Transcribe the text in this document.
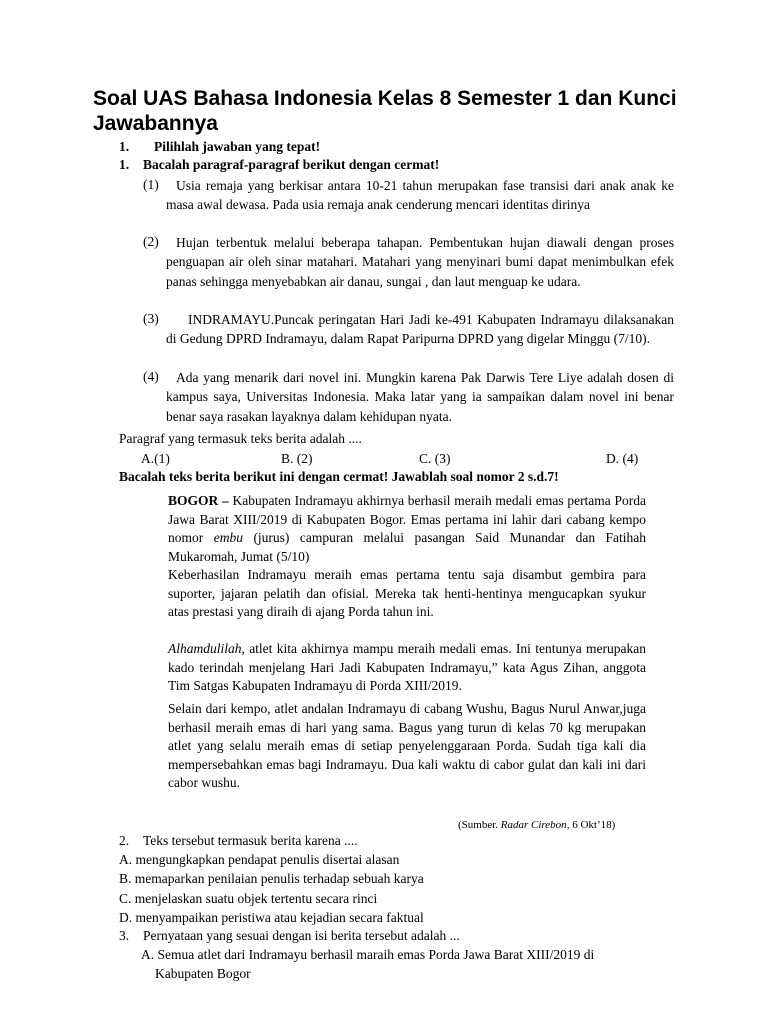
Soal UAS Bahasa Indonesia Kelas 8 Semester 1 dan Kunci Jawabannya
1. Pilihlah jawaban yang tepat!
1. Bacalah paragraf-paragraf berikut dengan cermat!
(1)	Usia remaja yang berkisar antara 10-21 tahun merupakan fase transisi dari anak anak ke masa awal dewasa. Pada usia remaja anak cenderung mencari identitas dirinya

(2)	Hujan terbentuk melalui beberapa tahapan. Pembentukan hujan diawali dengan proses penguapan air oleh sinar matahari. Matahari yang menyinari bumi dapat menimbulkan efek panas sehingga menyebabkan air danau, sungai , dan laut menguap ke udara.

(3)	INDRAMAYU.Puncak peringatan Hari Jadi ke-491 Kabupaten Indramayu dilaksanakan di Gedung DPRD Indramayu, dalam Rapat Paripurna DPRD yang digelar Minggu (7/10).

(4)	Ada yang menarik dari novel ini. Mungkin karena Pak Darwis Tere Liye adalah dosen di kampus saya, Universitas Indonesia. Maka latar yang ia sampaikan dalam novel ini benar benar saya rasakan layaknya dalam kehidupan nyata.

Paragraf yang termasuk teks berita adalah ....
A.(1)	B. (2)	C. (3)	D. (4)
Bacalah teks berita berikut ini dengan cermat! Jawablah soal nomor 2 s.d.7!

BOGOR – Kabupaten Indramayu akhirnya berhasil meraih medali emas pertama Porda Jawa Barat XIII/2019 di Kabupaten Bogor. Emas pertama ini lahir dari cabang kempo nomor embu (jurus) campuran melalui pasangan Said Munandar dan Fatihah Mukaromah, Jumat (5/10)

Keberhasilan Indramayu meraih emas pertama tentu saja disambut gembira para suporter, jajaran pelatih dan ofisial. Mereka tak henti-hentinya mengucapkan syukur atas prestasi yang diraih di ajang Porda tahun ini.

Alhamdulilah, atlet kita akhirnya mampu meraih medali emas. Ini tentunya merupakan kado terindah menjelang Hari Jadi Kabupaten Indramayu,” kata Agus Zihan, anggota Tim Satgas Kabupaten Indramayu di Porda XIII/2019.

Selain dari kempo, atlet andalan Indramayu di cabang Wushu, Bagus Nurul Anwar,juga berhasil meraih emas di hari yang sama. Bagus yang turun di kelas 70 kg merupakan atlet yang selalu meraih emas di setiap penyelenggaraan Porda. Sudah tiga kali dia mempersebahkan emas bagi Indramayu. Dua kali waktu di cabor gulat dan kali ini dari cabor wushu.

(Sumber. Radar Cirebon, 6 Okt’18)
2. Teks tersebut termasuk berita karena ....
A. mengungkapkan pendapat penulis disertai alasan
B. memaparkan penilaian penulis terhadap sebuah karya
C. menjelaskan suatu objek tertentu secara rinci
D. menyampaikan peristiwa atau kejadian secara faktual
3. Pernyataan yang sesuai dengan isi berita tersebut adalah ...
A. Semua atlet dari Indramayu berhasil maraih emas Porda Jawa Barat XIII/2019 di
Kabupaten Bogor
